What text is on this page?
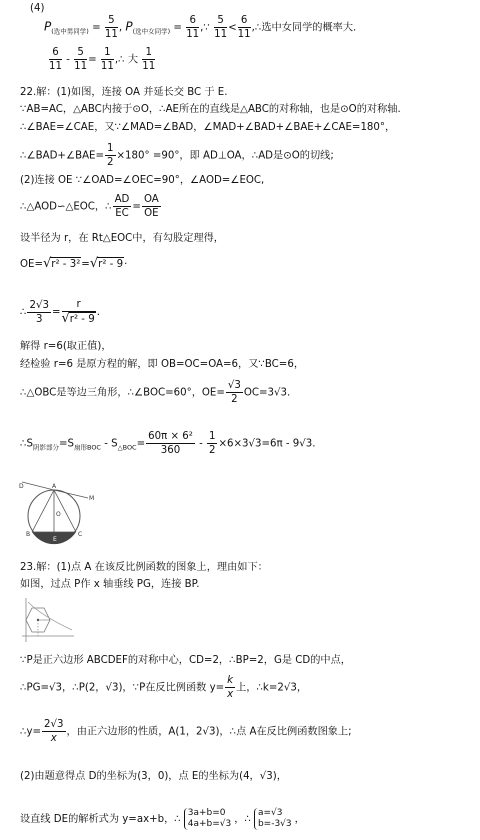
(4)
$P_{(选中男同学)} = \frac{5}{11}$ , $P_{(选中女同学)} = \frac{6}{11}$ ,∵ $\frac{5}{11} < \frac{6}{11}$ ,∴选中女同学的概率大.
$\frac{6}{11} - \frac{5}{11} = \frac{1}{11}$ ,∴ 大 $\frac{1}{11}$
22.解：(1)如图，连接 OA 并延长交 BC 于 E.
∵AB=AC，△ABC内接于⊙O，∴AE所在的直线是△ABC的对称轴，也是⊙O的对称轴.
∴∠BAE=∠CAE，又∵∠MAD=∠BAD，∠MAD+∠BAD+∠BAE+∠CAE=180°，
∴∠BAD+∠BAE= $\frac{1}{2} \times 180^\circ =90^\circ$，即 AD⊥OA，∴AD是⊙O的切线;
(2)连接 OE ∵∠OAD=∠OEC=90°，∠AOD=∠EOC,
∴△AOD∽△EOC，∴ $\frac{AD}{EC} = \frac{OA}{OE}$
设半径为 r，在 Rt△EOC中，有勾股定理得，
OE=√r² - 3²=√r² - 9·
∴ $\frac{2√3}{3} = \frac{r}{\text{√r² - 9}}$ .
解得 r=6(取正值)，
经检验 r=6 是原方程的解，即 OB=OC=OA=6，又∵BC=6，
∴△OBC是等边三角形，∴∠BOC=60°，$OE= \frac{√3}{2} OC=3√3$.
$\therefore S_{阴影部分}=S_{扇形BOC} - S_{\triangle BOC}= \frac{\text{60π × 6²}}{360} - \frac{1}{2} \times 6\times 3√3=6\pi - 9√3$.
D	A
M
O
B
E
C
23.解：(1)点 A 在该反比例函数的图象上，理由如下：
如图，过点 P作 x 轴垂线 PG，连接 BP.
∵P是正六边形 ABCDEF的对称中心，CD=2，∴BP=2，G是 CD的中点，
∴PG=√3，∴P(2，√3)，∵P在反比例函数 $y= \frac{k}{x}$ 上，∴k=2√3，
∴y= $\frac{2√3}{x}$ ，由正六边形的性质，A(1，2√3)，∴点 A在反比例函数图象上;
(2)由题意得点 D的坐标为(3，0)，点 E的坐标为(4，√3)，
设直线 DE的解析式为 y=ax+b，∴
3a+b=0
4a+b=√3 ，∴
a=√3
b=-3√3 ，
